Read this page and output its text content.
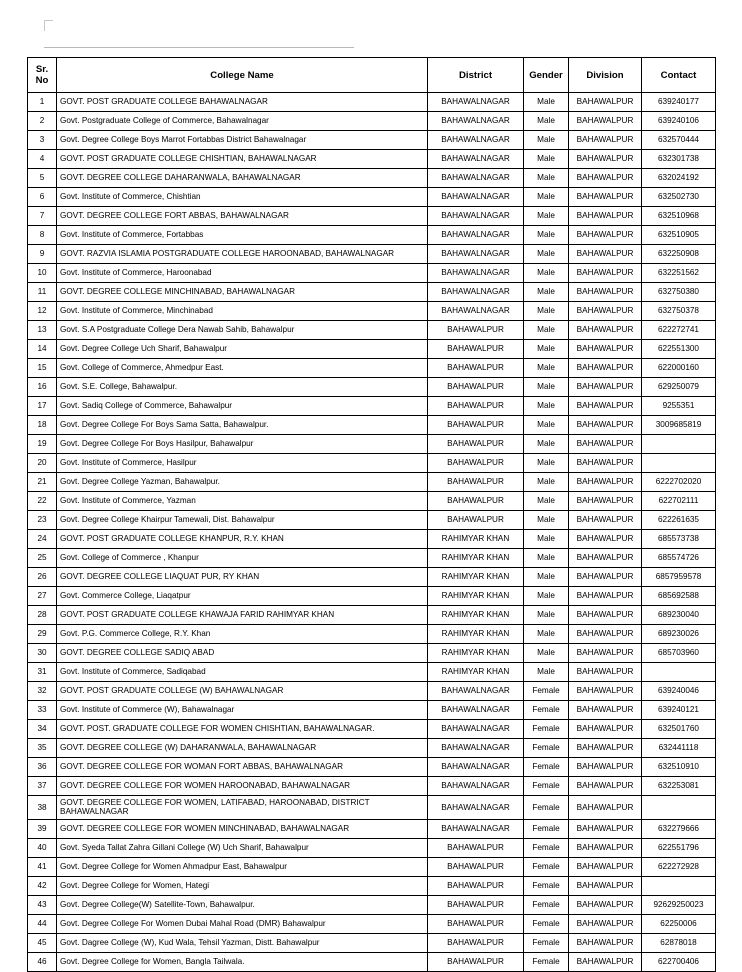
Sr. No	College Name	District	Gender	Division	Contact
1	GOVT. POST GRADUATE COLLEGE BAHAWALNAGAR	BAHAWALNAGAR	Male	BAHAWALPUR	639240177
2	Govt. Postgraduate College of Commerce, Bahawalnagar	BAHAWALNAGAR	Male	BAHAWALPUR	639240106
3	Govt. Degree College Boys Marrot Fortabbas District Bahawalnagar	BAHAWALNAGAR	Male	BAHAWALPUR	632570444
4	GOVT. POST GRADUATE COLLEGE CHISHTIAN, BAHAWALNAGAR	BAHAWALNAGAR	Male	BAHAWALPUR	632301738
5	GOVT. DEGREE COLLEGE DAHARANWALA, BAHAWALNAGAR	BAHAWALNAGAR	Male	BAHAWALPUR	632024192
6	Govt. Institute of Commerce, Chishtian	BAHAWALNAGAR	Male	BAHAWALPUR	632502730
7	GOVT. DEGREE COLLEGE FORT ABBAS, BAHAWALNAGAR	BAHAWALNAGAR	Male	BAHAWALPUR	632510968
8	Govt. Institute of Commerce, Fortabbas	BAHAWALNAGAR	Male	BAHAWALPUR	632510905
9	GOVT. RAZVIA ISLAMIA POSTGRADUATE COLLEGE HAROONABAD, BAHAWALNAGAR	BAHAWALNAGAR	Male	BAHAWALPUR	632250908
10	Govt. Institute of Commerce, Haroonabad	BAHAWALNAGAR	Male	BAHAWALPUR	632251562
11	GOVT. DEGREE COLLEGE MINCHINABAD, BAHAWALNAGAR	BAHAWALNAGAR	Male	BAHAWALPUR	632750380
12	Govt. Institute of Commerce, Minchinabad	BAHAWALNAGAR	Male	BAHAWALPUR	632750378
13	Govt. S.A Postgraduate College Dera Nawab Sahib, Bahawalpur	BAHAWALPUR	Male	BAHAWALPUR	622272741
14	Govt. Degree College Uch Sharif, Bahawalpur	BAHAWALPUR	Male	BAHAWALPUR	622551300
15	Govt. College of Commerce, Ahmedpur East.	BAHAWALPUR	Male	BAHAWALPUR	622000160
16	Govt. S.E. College, Bahawalpur.	BAHAWALPUR	Male	BAHAWALPUR	629250079
17	Govt. Sadiq College of Commerce, Bahawalpur	BAHAWALPUR	Male	BAHAWALPUR	9255351
18	Govt. Degree College For Boys Sama Satta, Bahawalpur.	BAHAWALPUR	Male	BAHAWALPUR	3009685819
19	Govt. Degree College For Boys Hasilpur, Bahawalpur	BAHAWALPUR	Male	BAHAWALPUR	
20	Govt. Institute of Commerce, Hasilpur	BAHAWALPUR	Male	BAHAWALPUR	
21	Govt. Degree College Yazman, Bahawalpur.	BAHAWALPUR	Male	BAHAWALPUR	6222702020
22	Govt. Institute of Commerce, Yazman	BAHAWALPUR	Male	BAHAWALPUR	622702111
23	Govt. Degree College Khairpur Tamewali, Dist. Bahawalpur	BAHAWALPUR	Male	BAHAWALPUR	622261635
24	GOVT. POST GRADUATE COLLEGE KHANPUR, R.Y. KHAN	RAHIMYAR KHAN	Male	BAHAWALPUR	685573738
25	Govt. College of Commerce , Khanpur	RAHIMYAR KHAN	Male	BAHAWALPUR	685574726
26	GOVT. DEGREE COLLEGE LIAQUAT PUR, RY KHAN	RAHIMYAR KHAN	Male	BAHAWALPUR	6857959578
27	Govt. Commerce College, Liaqatpur	RAHIMYAR KHAN	Male	BAHAWALPUR	685692588
28	GOVT. POST GRADUATE COLLEGE KHAWAJA FARID RAHIMYAR KHAN	RAHIMYAR KHAN	Male	BAHAWALPUR	689230040
29	Govt. P.G. Commerce College, R.Y. Khan	RAHIMYAR KHAN	Male	BAHAWALPUR	689230026
30	GOVT. DEGREE COLLEGE SADIQ ABAD	RAHIMYAR KHAN	Male	BAHAWALPUR	685703960
31	Govt. Institute of Commerce, Sadiqabad	RAHIMYAR KHAN	Male	BAHAWALPUR	
32	GOVT. POST GRADUATE COLLEGE (W) BAHAWALNAGAR	BAHAWALNAGAR	Female	BAHAWALPUR	639240046
33	Govt. Institute of Commerce (W), Bahawalnagar	BAHAWALNAGAR	Female	BAHAWALPUR	639240121
34	GOVT. POST. GRADUATE COLLEGE FOR WOMEN CHISHTIAN, BAHAWALNAGAR.	BAHAWALNAGAR	Female	BAHAWALPUR	632501760
35	GOVT. DEGREE COLLEGE (W) DAHARANWALA, BAHAWALNAGAR	BAHAWALNAGAR	Female	BAHAWALPUR	632441118
36	GOVT. DEGREE COLLEGE FOR WOMAN FORT ABBAS, BAHAWALNAGAR	BAHAWALNAGAR	Female	BAHAWALPUR	632510910
37	GOVT. DEGREE COLLEGE FOR WOMEN HAROONABAD, BAHAWALNAGAR	BAHAWALNAGAR	Female	BAHAWALPUR	632253081
38	GOVT. DEGREE COLLEGE FOR WOMEN, LATIFABAD, HAROONABAD, DISTRICT BAHAWALNAGAR	BAHAWALNAGAR	Female	BAHAWALPUR	
39	GOVT. DEGREE COLLEGE FOR WOMEN MINCHINABAD, BAHAWALNAGAR	BAHAWALNAGAR	Female	BAHAWALPUR	632279666
40	Govt. Syeda Tallat Zahra Gillani College (W) Uch Sharif, Bahawalpur	BAHAWALPUR	Female	BAHAWALPUR	622551796
41	Govt. Degree College for Women Ahmadpur East, Bahawalpur	BAHAWALPUR	Female	BAHAWALPUR	622272928
42	Govt. Degree College for Women, Hategi	BAHAWALPUR	Female	BAHAWALPUR	
43	Govt. Degree College(W) Satellite-Town, Bahawalpur.	BAHAWALPUR	Female	BAHAWALPUR	92629250023
44	Govt. Degree College For Women Dubai Mahal Road (DMR) Bahawalpur	BAHAWALPUR	Female	BAHAWALPUR	62250006
45	Govt. Dagree College (W), Kud Wala, Tehsil Yazman, Distt. Bahawalpur	BAHAWALPUR	Female	BAHAWALPUR	62878018
46	Govt. Degree College for Women, Bangla Tailwala.	BAHAWALPUR	Female	BAHAWALPUR	622700406
